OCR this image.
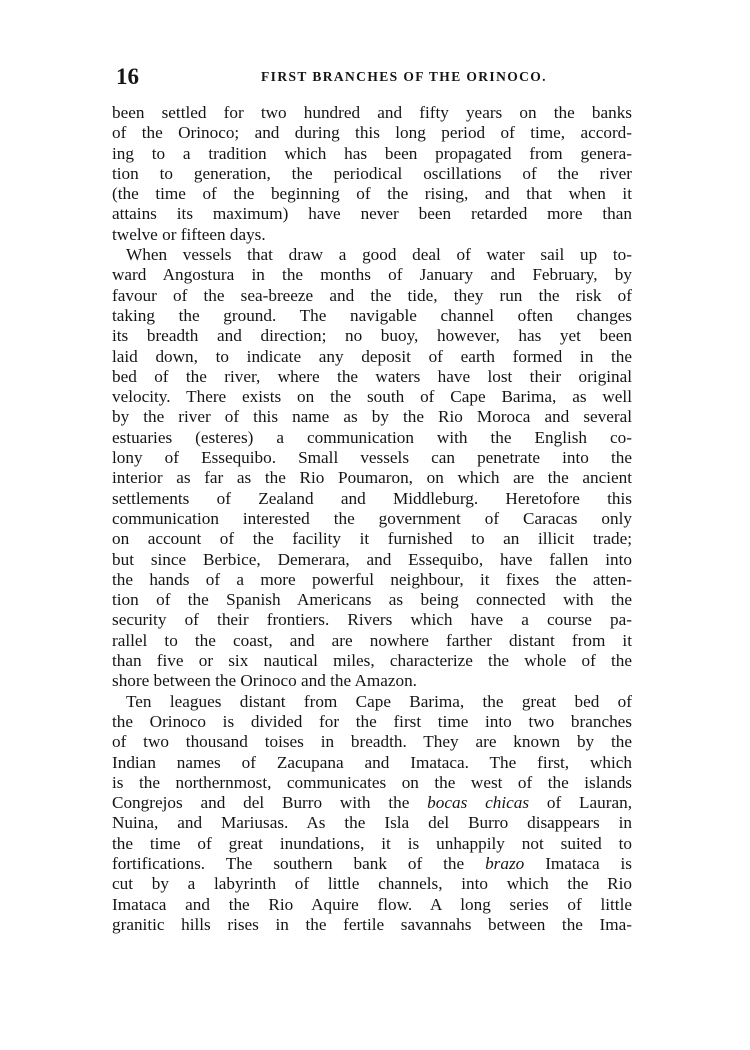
16	FIRST BRANCHES OF THE ORINOCO.
been settled for two hundred and fifty years on the banks
of the Orinoco; and during this long period of time, accord-
ing to a tradition which has been propagated from genera-
tion to generation, the periodical oscillations of the river
(the time of the beginning of the rising, and that when it
attains its maximum) have never been retarded more than
twelve or fifteen days.
When vessels that draw a good deal of water sail up to-
ward Angostura in the months of January and February, by
favour of the sea-breeze and the tide, they run the risk of
taking the ground. The navigable channel often changes
its breadth and direction; no buoy, however, has yet been
laid down, to indicate any deposit of earth formed in the
bed of the river, where the waters have lost their original
velocity. There exists on the south of Cape Barima, as well
by the river of this name as by the Rio Moroca and several
estuaries (esteres) a communication with the English co-
lony of Essequibo. Small vessels can penetrate into the
interior as far as the Rio Poumaron, on which are the ancient
settlements of Zealand and Middleburg. Heretofore this
communication interested the government of Caracas only
on account of the facility it furnished to an illicit trade;
but since Berbice, Demerara, and Essequibo, have fallen into
the hands of a more powerful neighbour, it fixes the atten-
tion of the Spanish Americans as being connected with the
security of their frontiers. Rivers which have a course pa-
rallel to the coast, and are nowhere farther distant from it
than five or six nautical miles, characterize the whole of the
shore between the Orinoco and the Amazon.
Ten leagues distant from Cape Barima, the great bed of
the Orinoco is divided for the first time into two branches
of two thousand toises in breadth. They are known by the
Indian names of Zacupana and Imataca. The first, which
is the northernmost, communicates on the west of the islands
Congrejos and del Burro with the bocas chicas of Lauran,
Nuina, and Mariusas. As the Isla del Burro disappears in
the time of great inundations, it is unhappily not suited to
fortifications. The southern bank of the brazo Imataca is
cut by a labyrinth of little channels, into which the Rio
Imataca and the Rio Aquire flow. A long series of little
granitic hills rises in the fertile savannahs between the Ima-
